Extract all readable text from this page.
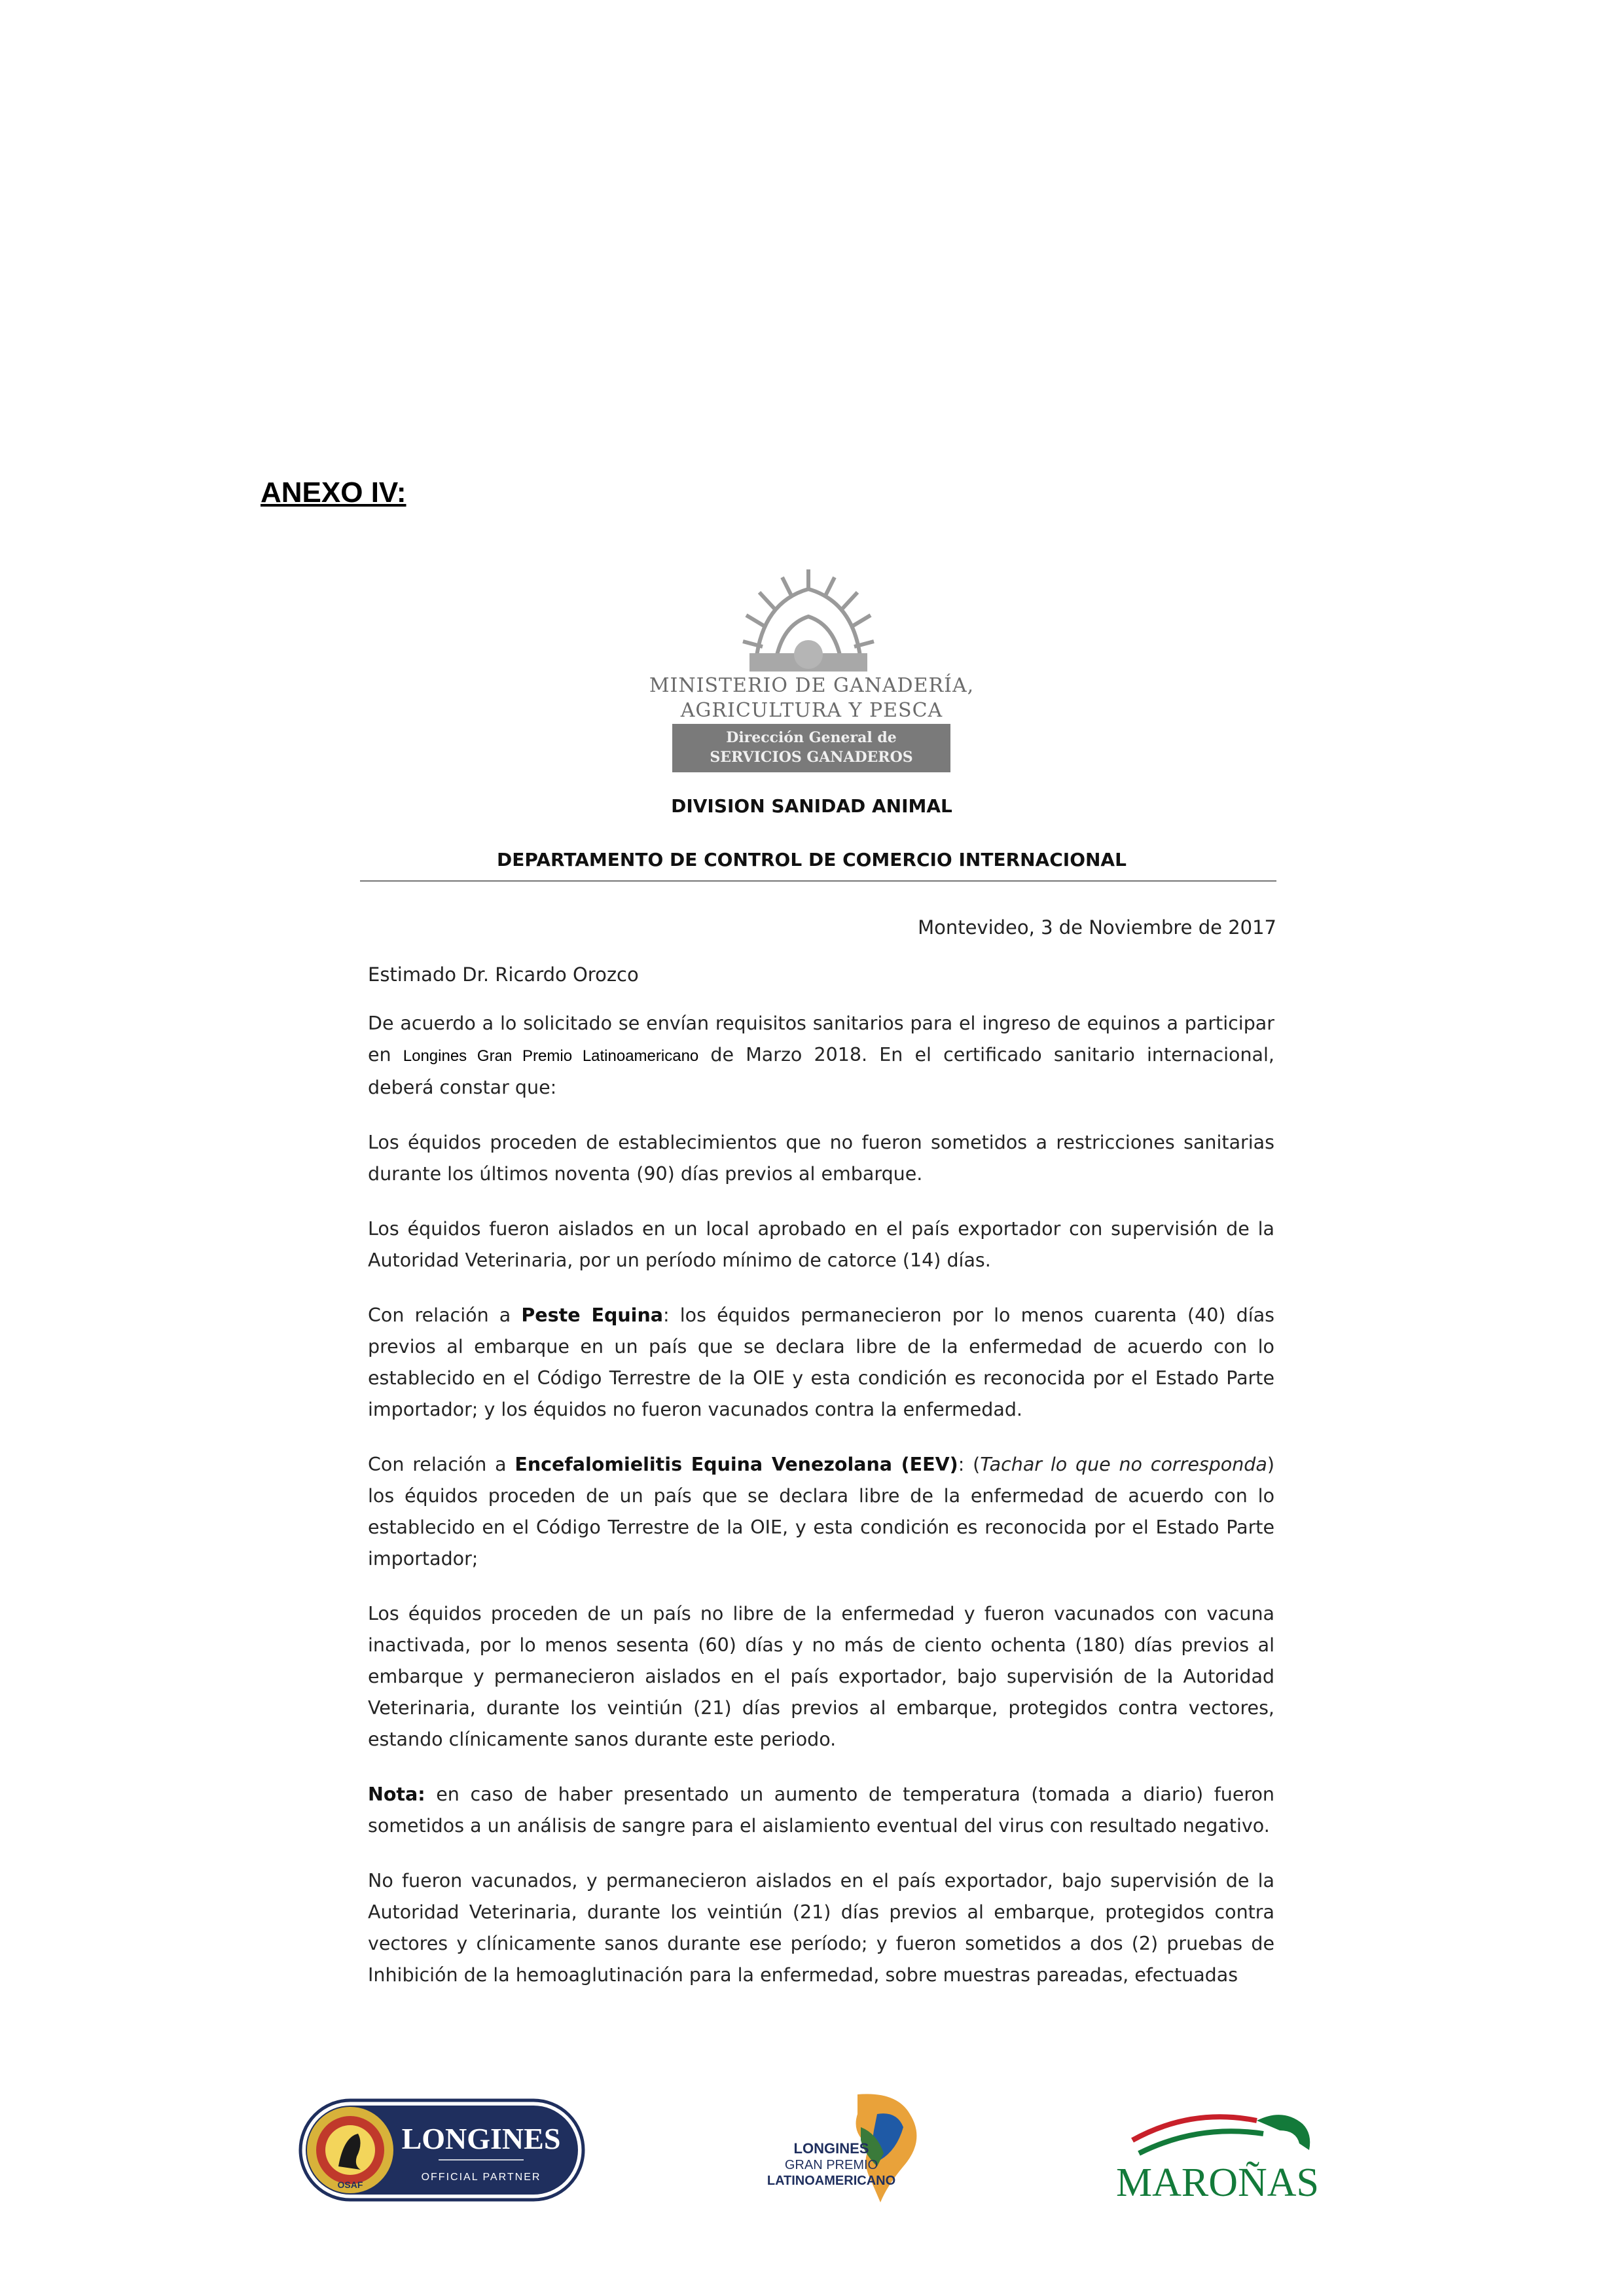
ANEXO IV:
MINISTERIO DE GANADERÍA,
AGRICULTURA Y PESCA
Dirección General de
SERVICIOS GANADEROS
DIVISION SANIDAD ANIMAL
DEPARTAMENTO DE CONTROL DE COMERCIO INTERNACIONAL
Montevideo, 3 de Noviembre de 2017
Estimado Dr. Ricardo Orozco

De acuerdo a lo solicitado se envían requisitos sanitarios para el ingreso de equinos a participar en Longines Gran Premio Latinoamericano de Marzo 2018. En el certificado sanitario internacional, deberá constar que:

Los équidos proceden de establecimientos que no fueron sometidos a restricciones sanitarias durante los últimos noventa (90) días previos al embarque.

Los équidos fueron aislados en un local aprobado en el país exportador con supervisión de la Autoridad Veterinaria, por un período mínimo de catorce (14) días.

Con relación a Peste Equina: los équidos permanecieron por lo menos cuarenta (40) días previos al embarque en un país que se declara libre de la enfermedad de acuerdo con lo establecido en el Código Terrestre de la OIE y esta condición es reconocida por el Estado Parte importador; y los équidos no fueron vacunados contra la enfermedad.

Con relación a Encefalomielitis Equina Venezolana (EEV): (Tachar lo que no corresponda) los équidos proceden de un país que se declara libre de la enfermedad de acuerdo con lo establecido en el Código Terrestre de la OIE, y esta condición es reconocida por el Estado Parte importador;

Los équidos proceden de un país no libre de la enfermedad y fueron vacunados con vacuna inactivada, por lo menos sesenta (60) días y no más de ciento ochenta (180) días previos al embarque y permanecieron aislados en el país exportador, bajo supervisión de la Autoridad Veterinaria, durante los veintiún (21) días previos al embarque, protegidos contra vectores, estando clínicamente sanos durante este periodo.

Nota: en caso de haber presentado un aumento de temperatura (tomada a diario) fueron sometidos a un análisis de sangre para el aislamiento eventual del virus con resultado negativo.

No fueron vacunados, y permanecieron aislados en el país exportador, bajo supervisión de la Autoridad Veterinaria, durante los veintiún (21) días previos al embarque, protegidos contra vectores y clínicamente sanos durante ese período; y fueron sometidos a dos (2) pruebas de Inhibición de la hemoaglutinación para la enfermedad, sobre muestras pareadas, efectuadas

OSAF
LONGINES
OFFICIAL PARTNER
LONGINES
GRAN PREMIO
LATINOAMERICANO	MAROÑAS
